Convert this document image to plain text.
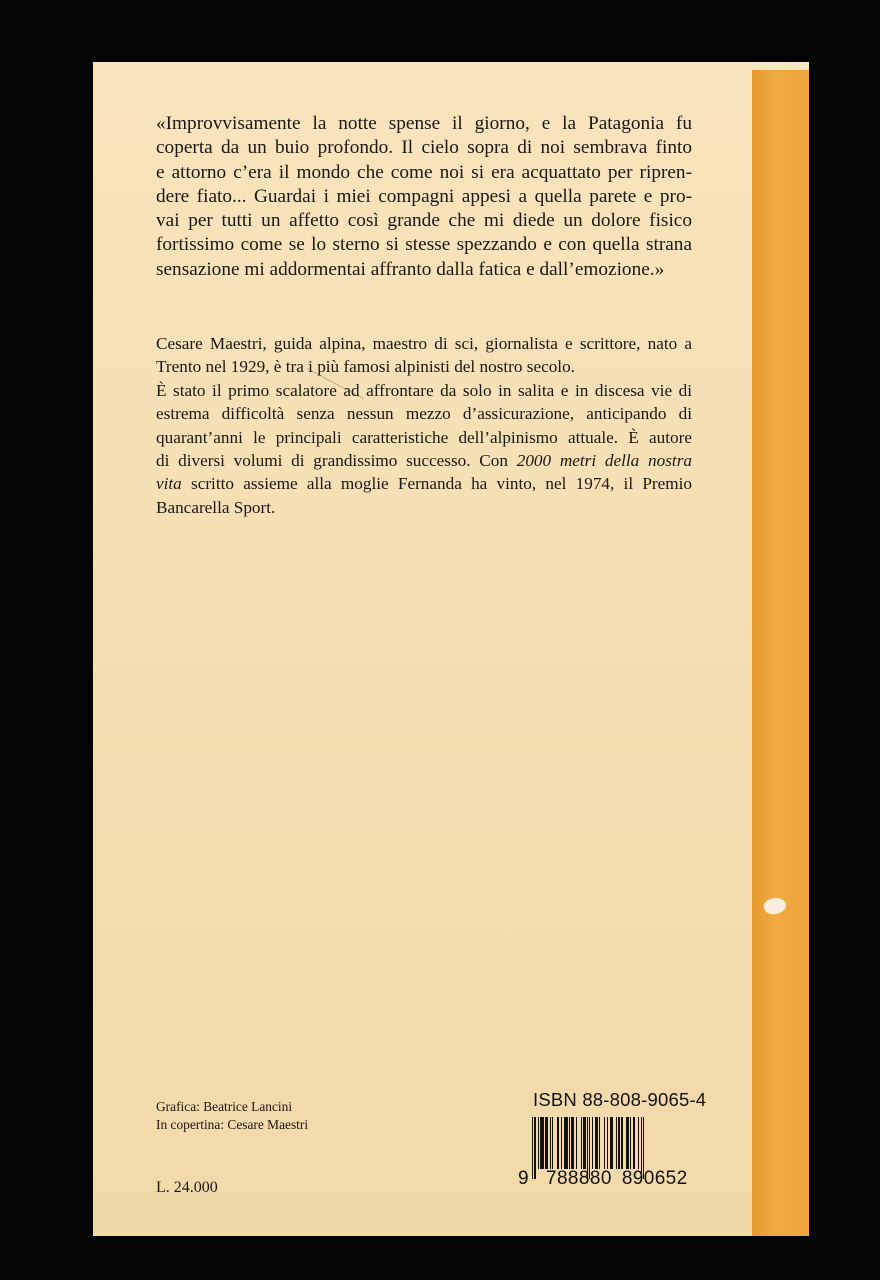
«Improvvisamente la notte spense il giorno, e la Patagonia fu
coperta da un buio profondo. Il cielo sopra di noi sembrava finto
e attorno c’era il mondo che come noi si era acquattato per ripren-
dere fiato... Guardai i miei compagni appesi a quella parete e pro-
vai per tutti un affetto così grande che mi diede un dolore fisico
fortissimo come se lo sterno si stesse spezzando e con quella strana
sensazione mi addormentai affranto dalla fatica e dall’emozione.»
Cesare Maestri, guida alpina, maestro di sci, giornalista e scrittore, nato a
Trento nel 1929, è tra i più famosi alpinisti del nostro secolo.
È stato il primo scalatore ad affrontare da solo in salita e in discesa vie di
estrema difficoltà senza nessun mezzo d’assicurazione, anticipando di
quarant’anni le principali caratteristiche dell’alpinismo attuale. È autore
di diversi volumi di grandissimo successo. Con 2000 metri della nostra
vita scritto assieme alla moglie Fernanda ha vinto, nel 1974, il Premio
Bancarella Sport.
Grafica: Beatrice Lancini
In copertina: Cesare Maestri
L. 24.000
ISBN 88-808-9065-4
9 788880 890652
